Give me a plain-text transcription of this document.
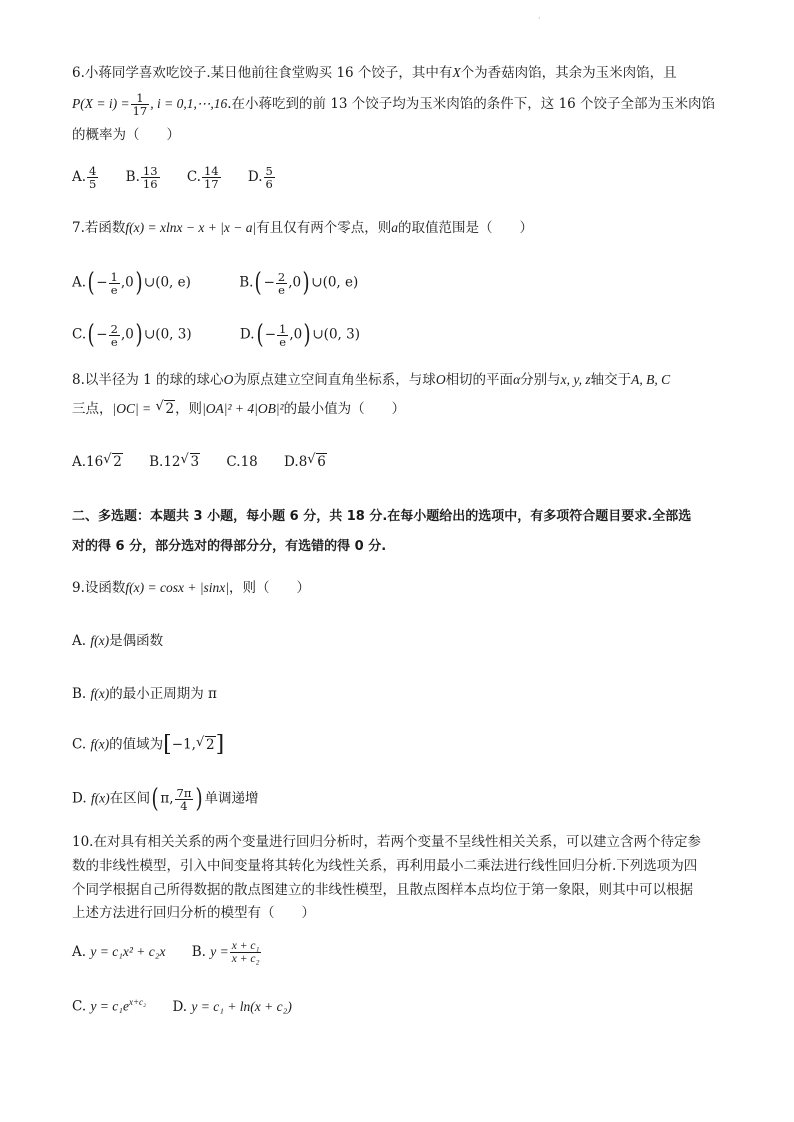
·
6.小蒋同学喜欢吃饺子.某日他前往食堂购买 16 个饺子，其中有X个为香菇肉馅，其余为玉米肉馅，且
$P(X = i) = \frac{1}{17}$ , i = 0,1,⋯,16.在小蒋吃到的前 13 个饺子均为玉米肉馅的条件下，这 16 个饺子全部为玉米肉馅
的概率为（　　）
A. $\frac{4}{5} B$. $\frac{13}{16} C$. $\frac{14}{17} D$. $\frac{5}{6}$
7.若函数f(x) = xlnx − x + |x − a|有且仅有两个零点，则a的取值范围是（　　）
$A.( - \frac{1}{e} ,0)$ ∪(0, e)	$B.( - \frac{2}{e} ,0)$ ∪(0, e)
$C.( - \frac{2}{e} ,0)$ ∪(0, 3)	$D.( - \frac{1}{e} ,0)$ ∪(0, 3)
8.以半径为 1 的球的球心O为原点建立空间直角坐标系，与球O相切的平面α分别与x, y, z轴交于A, B, C
三点，|OC| = √ 2，则|OA|² + 4|OB|²的最小值为（　　）
A.16 √ 2 B.12 √ 3 C.18 D.8 √ 6
二、多选题：本题共 3 小题，每小题 6 分，共 18 分.在每小题给出的选项中，有多项符合题目要求.全部选
对的得 6 分，部分选对的得部分分，有选错的得 0 分.
9.设函数f(x) = cosx + |sinx|，则（　　）
A. f(x)是偶函数
B. f(x)的最小正周期为 π
C. f(x)的值域为[−1, √ 2]
D. f(x)在区间( π, $\frac{7\pi}{4}$ ) 单调递增
10.在对具有相关关系的两个变量进行回归分析时，若两个变量不呈线性相关关系，可以建立含两个待定参
数的非线性模型，引入中间变量将其转化为线性关系，再利用最小二乘法进行线性回归分析.下列选项为四
个同学根据自己所得数据的散点图建立的非线性模型，且散点图样本点均位于第一象限，则其中可以根据
上述方法进行回归分析的模型有（　　）
A. y = c₁x² + c₂x B. $y = \frac{\text{x + c₁}}{\text{x + c₂}}$
C. $y = c_1e^{x+c_2}$ D. y = c₁ + ln(x + c₂)
